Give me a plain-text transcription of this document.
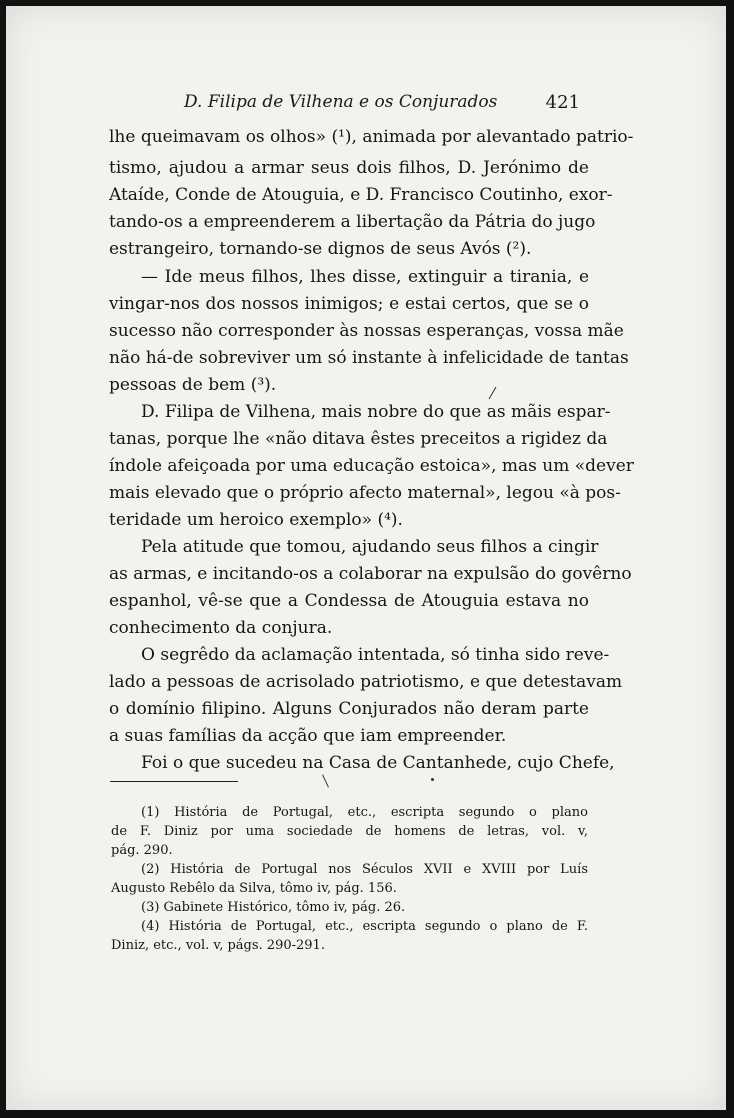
D. Filipa de Vilhena e os Conjurados	421
lhe queimavam os olhos» (¹), animada por alevantado patrio-
tismo, ajudou a armar seus dois filhos, D. Jerónimo de
Ataíde, Conde de Atouguia, e D. Francisco Coutinho, exor-
tando-os a empreenderem a libertação da Pátria do jugo
estrangeiro, tornando-se dignos de seus Avós (²).
— Ide meus filhos, lhes disse, extinguir a tirania, e
vingar-nos dos nossos inimigos; e estai certos, que se o
sucesso não corresponder às nossas esperanças, vossa mãe
não há-de sobreviver um só instante à infelicidade de tantas
pessoas de bem (³).
D. Filipa de Vilhena, mais nobre do que as mãis espar-
tanas, porque lhe «não ditava êstes preceitos a rigidez da
índole afeiçoada por uma educação estoica», mas um «dever
mais elevado que o próprio afecto maternal», legou «à pos-
teridade um heroico exemplo» (⁴).
Pela atitude que tomou, ajudando seus filhos a cingir
as armas, e incitando-os a colaborar na expulsão do govêrno
espanhol, vê-se que a Condessa de Atouguia estava no
conhecimento da conjura.
O segrêdo da aclamação intentada, só tinha sido reve-
lado a pessoas de acrisolado patriotismo, e que detestavam
o domínio filipino. Alguns Conjurados não deram parte
a suas famílias da acção que iam empreender.
Foi o que sucedeu na Casa de Cantanhede, cujo Chefe,
(1) História de Portugal, etc., escripta segundo o plano
de F. Diniz por uma sociedade de homens de letras, vol. v,
pág. 290.
(2) História de Portugal nos Séculos XVII e XVIII por Luís
Augusto Rebêlo da Silva, tômo iv, pág. 156.
(3) Gabinete Histórico, tômo iv, pág. 26.
(4) História de Portugal, etc., escripta segundo o plano de F.
Diniz, etc., vol. v, págs. 290-291.
